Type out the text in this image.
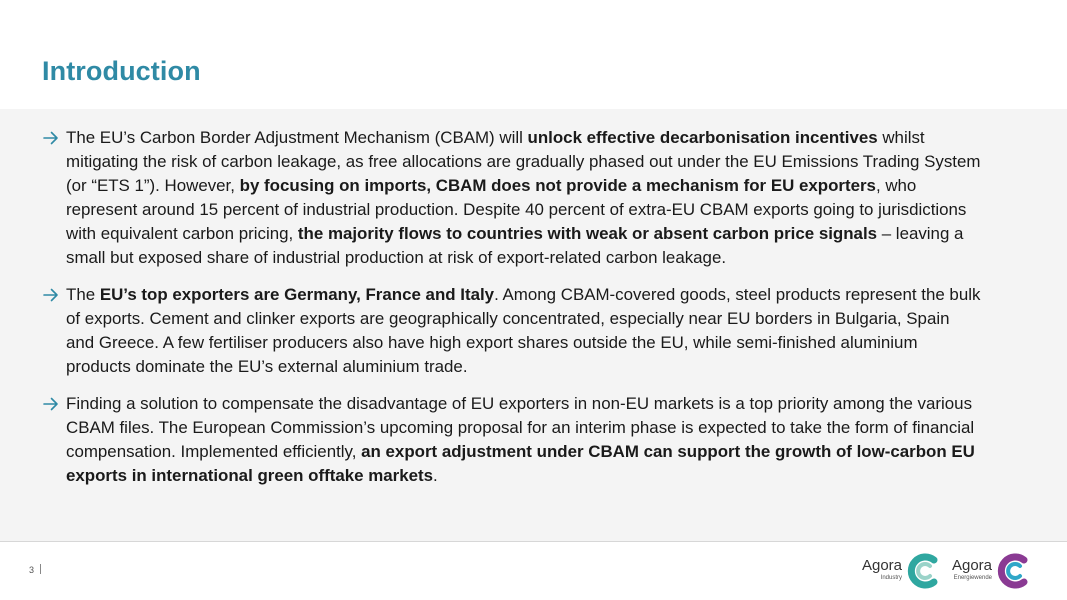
Introduction
The EU’s Carbon Border Adjustment Mechanism (CBAM) will unlock effective decarbonisation incentives whilst mitigating the risk of carbon leakage, as free allocations are gradually phased out under the EU Emissions Trading System (or “ETS 1”). However, by focusing on imports, CBAM does not provide a mechanism for EU exporters, who represent around 15 percent of industrial production. Despite 40 percent of extra-EU CBAM exports going to jurisdictions with equivalent carbon pricing, the majority flows to countries with weak or absent carbon price signals – leaving a small but exposed share of industrial production at risk of export-related carbon leakage.
The EU’s top exporters are Germany, France and Italy. Among CBAM-covered goods, steel products represent the bulk of exports. Cement and clinker exports are geographically concentrated, especially near EU borders in Bulgaria, Spain and Greece. A few fertiliser producers also have high export shares outside the EU, while semi-finished aluminium products dominate the EU’s external aluminium trade.
Finding a solution to compensate the disadvantage of EU exporters in non-EU markets is a top priority among the various CBAM files. The European Commission’s upcoming proposal for an interim phase is expected to take the form of financial compensation. Implemented efficiently, an export adjustment under CBAM can support the growth of low-carbon EU exports in international green offtake markets.
3	Agora
Industry
Agora
Energiewende
